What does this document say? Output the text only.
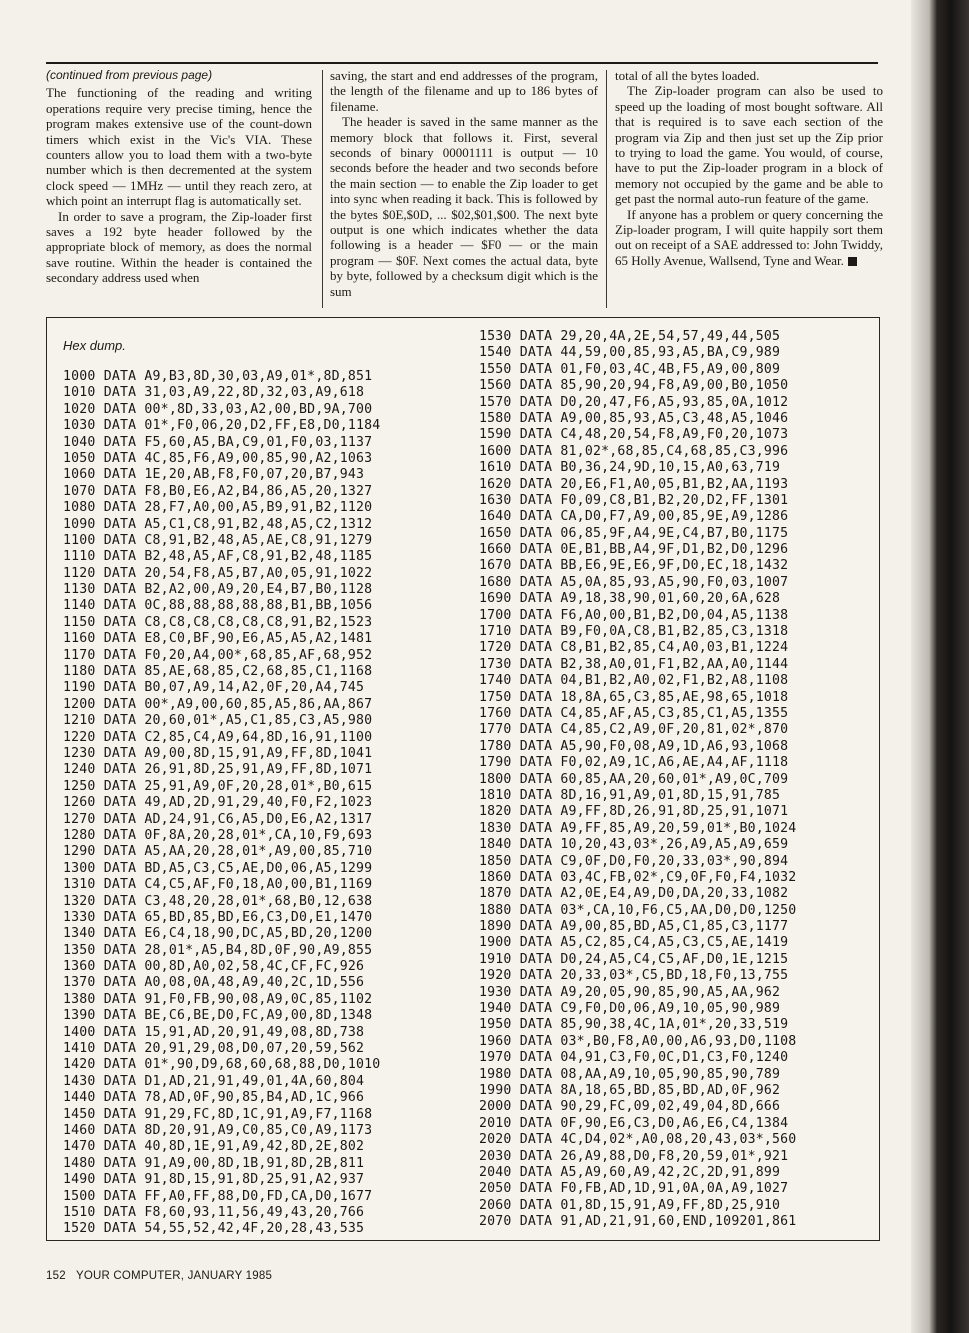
(continued from previous page)
The functioning of the reading and writing operations require very precise timing, hence the program makes extensive use of the count-down timers which exist in the Vic's VIA. These counters allow you to load them with a two-byte number which is then decremented at the system clock speed — 1MHz — until they reach zero, at which point an interrupt flag is automatically set.

In order to save a program, the Zip-loader first saves a 192 byte header followed by the appropriate block of memory, as does the normal save routine. Within the header is contained the secondary address used when

saving, the start and end addresses of the program, the length of the filename and up to 186 bytes of filename.

The header is saved in the same manner as the memory block that follows it. First, several seconds of binary 00001111 is output — 10 seconds before the header and two seconds before the main section — to enable the Zip loader to get into sync when reading it back. This is followed by the bytes $0E,$0D, ... $02,$01,$00. The next byte output is one which indicates whether the data following is a header — $F0 — or the main program — $0F. Next comes the actual data, byte by byte, followed by a checksum digit which is the sum

total of all the bytes loaded.

The Zip-loader program can also be used to speed up the loading of most bought software. All that is required is to save each section of the program via Zip and then just set up the Zip prior to trying to load the game. You would, of course, have to put the Zip-loader program in a block of memory not occupied by the game and be able to get past the normal auto-run feature of the game.

If anyone has a problem or query concerning the Zip-loader program, I will quite happily sort them out on receipt of a SAE addressed to: John Twiddy, 65 Holly Avenue, Wallsend, Tyne and Wear.

Hex dump.
1000 DATA A9,B3,8D,30,03,A9,01*,8D,851
1010 DATA 31,03,A9,22,8D,32,03,A9,618
1020 DATA 00*,8D,33,03,A2,00,BD,9A,700
1030 DATA 01*,F0,06,20,D2,FF,E8,D0,1184
1040 DATA F5,60,A5,BA,C9,01,F0,03,1137
1050 DATA 4C,85,F6,A9,00,85,90,A2,1063
1060 DATA 1E,20,AB,F8,F0,07,20,B7,943
1070 DATA F8,B0,E6,A2,B4,86,A5,20,1327
1080 DATA 28,F7,A0,00,A5,B9,91,B2,1120
1090 DATA A5,C1,C8,91,B2,48,A5,C2,1312
1100 DATA C8,91,B2,48,A5,AE,C8,91,1279
1110 DATA B2,48,A5,AF,C8,91,B2,48,1185
1120 DATA 20,54,F8,A5,B7,A0,05,91,1022
1130 DATA B2,A2,00,A9,20,E4,B7,B0,1128
1140 DATA 0C,88,88,88,88,88,B1,BB,1056
1150 DATA C8,C8,C8,C8,C8,C8,91,B2,1523
1160 DATA E8,C0,BF,90,E6,A5,A5,A2,1481
1170 DATA F0,20,A4,00*,68,85,AF,68,952
1180 DATA 85,AE,68,85,C2,68,85,C1,1168
1190 DATA B0,07,A9,14,A2,0F,20,A4,745
1200 DATA 00*,A9,00,60,85,A5,86,AA,867
1210 DATA 20,60,01*,A5,C1,85,C3,A5,980
1220 DATA C2,85,C4,A9,64,8D,16,91,1100
1230 DATA A9,00,8D,15,91,A9,FF,8D,1041
1240 DATA 26,91,8D,25,91,A9,FF,8D,1071
1250 DATA 25,91,A9,0F,20,28,01*,B0,615
1260 DATA 49,AD,2D,91,29,40,F0,F2,1023
1270 DATA AD,24,91,C6,A5,D0,E6,A2,1317
1280 DATA 0F,8A,20,28,01*,CA,10,F9,693
1290 DATA A5,AA,20,28,01*,A9,00,85,710
1300 DATA BD,A5,C3,C5,AE,D0,06,A5,1299
1310 DATA C4,C5,AF,F0,18,A0,00,B1,1169
1320 DATA C3,48,20,28,01*,68,B0,12,638
1330 DATA 65,BD,85,BD,E6,C3,D0,E1,1470
1340 DATA E6,C4,18,90,DC,A5,BD,20,1200
1350 DATA 28,01*,A5,B4,8D,0F,90,A9,855
1360 DATA 00,8D,A0,02,58,4C,CF,FC,926
1370 DATA A0,08,0A,48,A9,40,2C,1D,556
1380 DATA 91,F0,FB,90,08,A9,0C,85,1102
1390 DATA BE,C6,BE,D0,FC,A9,00,8D,1348
1400 DATA 15,91,AD,20,91,49,08,8D,738
1410 DATA 20,91,29,08,D0,07,20,59,562
1420 DATA 01*,90,D9,68,60,68,88,D0,1010
1430 DATA D1,AD,21,91,49,01,4A,60,804
1440 DATA 78,AD,0F,90,85,B4,AD,1C,966
1450 DATA 91,29,FC,8D,1C,91,A9,F7,1168
1460 DATA 8D,20,91,A9,C0,85,C0,A9,1173
1470 DATA 40,8D,1E,91,A9,42,8D,2E,802
1480 DATA 91,A9,00,8D,1B,91,8D,2B,811
1490 DATA 91,8D,15,91,8D,25,91,A2,937
1500 DATA FF,A0,FF,88,D0,FD,CA,D0,1677
1510 DATA F8,60,93,11,56,49,43,20,766
1520 DATA 54,55,52,42,4F,20,28,43,535
1530 DATA 29,20,4A,2E,54,57,49,44,505
1540 DATA 44,59,00,85,93,A5,BA,C9,989
1550 DATA 01,F0,03,4C,4B,F5,A9,00,809
1560 DATA 85,90,20,94,F8,A9,00,B0,1050
1570 DATA D0,20,47,F6,A5,93,85,0A,1012
1580 DATA A9,00,85,93,A5,C3,48,A5,1046
1590 DATA C4,48,20,54,F8,A9,F0,20,1073
1600 DATA 81,02*,68,85,C4,68,85,C3,996
1610 DATA B0,36,24,9D,10,15,A0,63,719
1620 DATA 20,E6,F1,A0,05,B1,B2,AA,1193
1630 DATA F0,09,C8,B1,B2,20,D2,FF,1301
1640 DATA CA,D0,F7,A9,00,85,9E,A9,1286
1650 DATA 06,85,9F,A4,9E,C4,B7,B0,1175
1660 DATA 0E,B1,BB,A4,9F,D1,B2,D0,1296
1670 DATA BB,E6,9E,E6,9F,D0,EC,18,1432
1680 DATA A5,0A,85,93,A5,90,F0,03,1007
1690 DATA A9,18,38,90,01,60,20,6A,628
1700 DATA F6,A0,00,B1,B2,D0,04,A5,1138
1710 DATA B9,F0,0A,C8,B1,B2,85,C3,1318
1720 DATA C8,B1,B2,85,C4,A0,03,B1,1224
1730 DATA B2,38,A0,01,F1,B2,AA,A0,1144
1740 DATA 04,B1,B2,A0,02,F1,B2,A8,1108
1750 DATA 18,8A,65,C3,85,AE,98,65,1018
1760 DATA C4,85,AF,A5,C3,85,C1,A5,1355
1770 DATA C4,85,C2,A9,0F,20,81,02*,870
1780 DATA A5,90,F0,08,A9,1D,A6,93,1068
1790 DATA F0,02,A9,1C,A6,AE,A4,AF,1118
1800 DATA 60,85,AA,20,60,01*,A9,0C,709
1810 DATA 8D,16,91,A9,01,8D,15,91,785
1820 DATA A9,FF,8D,26,91,8D,25,91,1071
1830 DATA A9,FF,85,A9,20,59,01*,B0,1024
1840 DATA 10,20,43,03*,26,A9,A5,A9,659
1850 DATA C9,0F,D0,F0,20,33,03*,90,894
1860 DATA 03,4C,FB,02*,C9,0F,F0,F4,1032
1870 DATA A2,0E,E4,A9,D0,DA,20,33,1082
1880 DATA 03*,CA,10,F6,C5,AA,D0,D0,1250
1890 DATA A9,00,85,BD,A5,C1,85,C3,1177
1900 DATA A5,C2,85,C4,A5,C3,C5,AE,1419
1910 DATA D0,24,A5,C4,C5,AF,D0,1E,1215
1920 DATA 20,33,03*,C5,BD,18,F0,13,755
1930 DATA A9,20,05,90,85,90,A5,AA,962
1940 DATA C9,F0,D0,06,A9,10,05,90,989
1950 DATA 85,90,38,4C,1A,01*,20,33,519
1960 DATA 03*,B0,F8,A0,00,A6,93,D0,1108
1970 DATA 04,91,C3,F0,0C,D1,C3,F0,1240
1980 DATA 08,AA,A9,10,05,90,85,90,789
1990 DATA 8A,18,65,BD,85,BD,AD,0F,962
2000 DATA 90,29,FC,09,02,49,04,8D,666
2010 DATA 0F,90,E6,C3,D0,A6,E6,C4,1384
2020 DATA 4C,D4,02*,A0,08,20,43,03*,560
2030 DATA 26,A9,88,D0,F8,20,59,01*,921
2040 DATA A5,A9,60,A9,42,2C,2D,91,899
2050 DATA F0,FB,AD,1D,91,0A,0A,A9,1027
2060 DATA 01,8D,15,91,A9,FF,8D,25,910
2070 DATA 91,AD,21,91,60,END,109201,861
152 YOUR COMPUTER, JANUARY 1985
